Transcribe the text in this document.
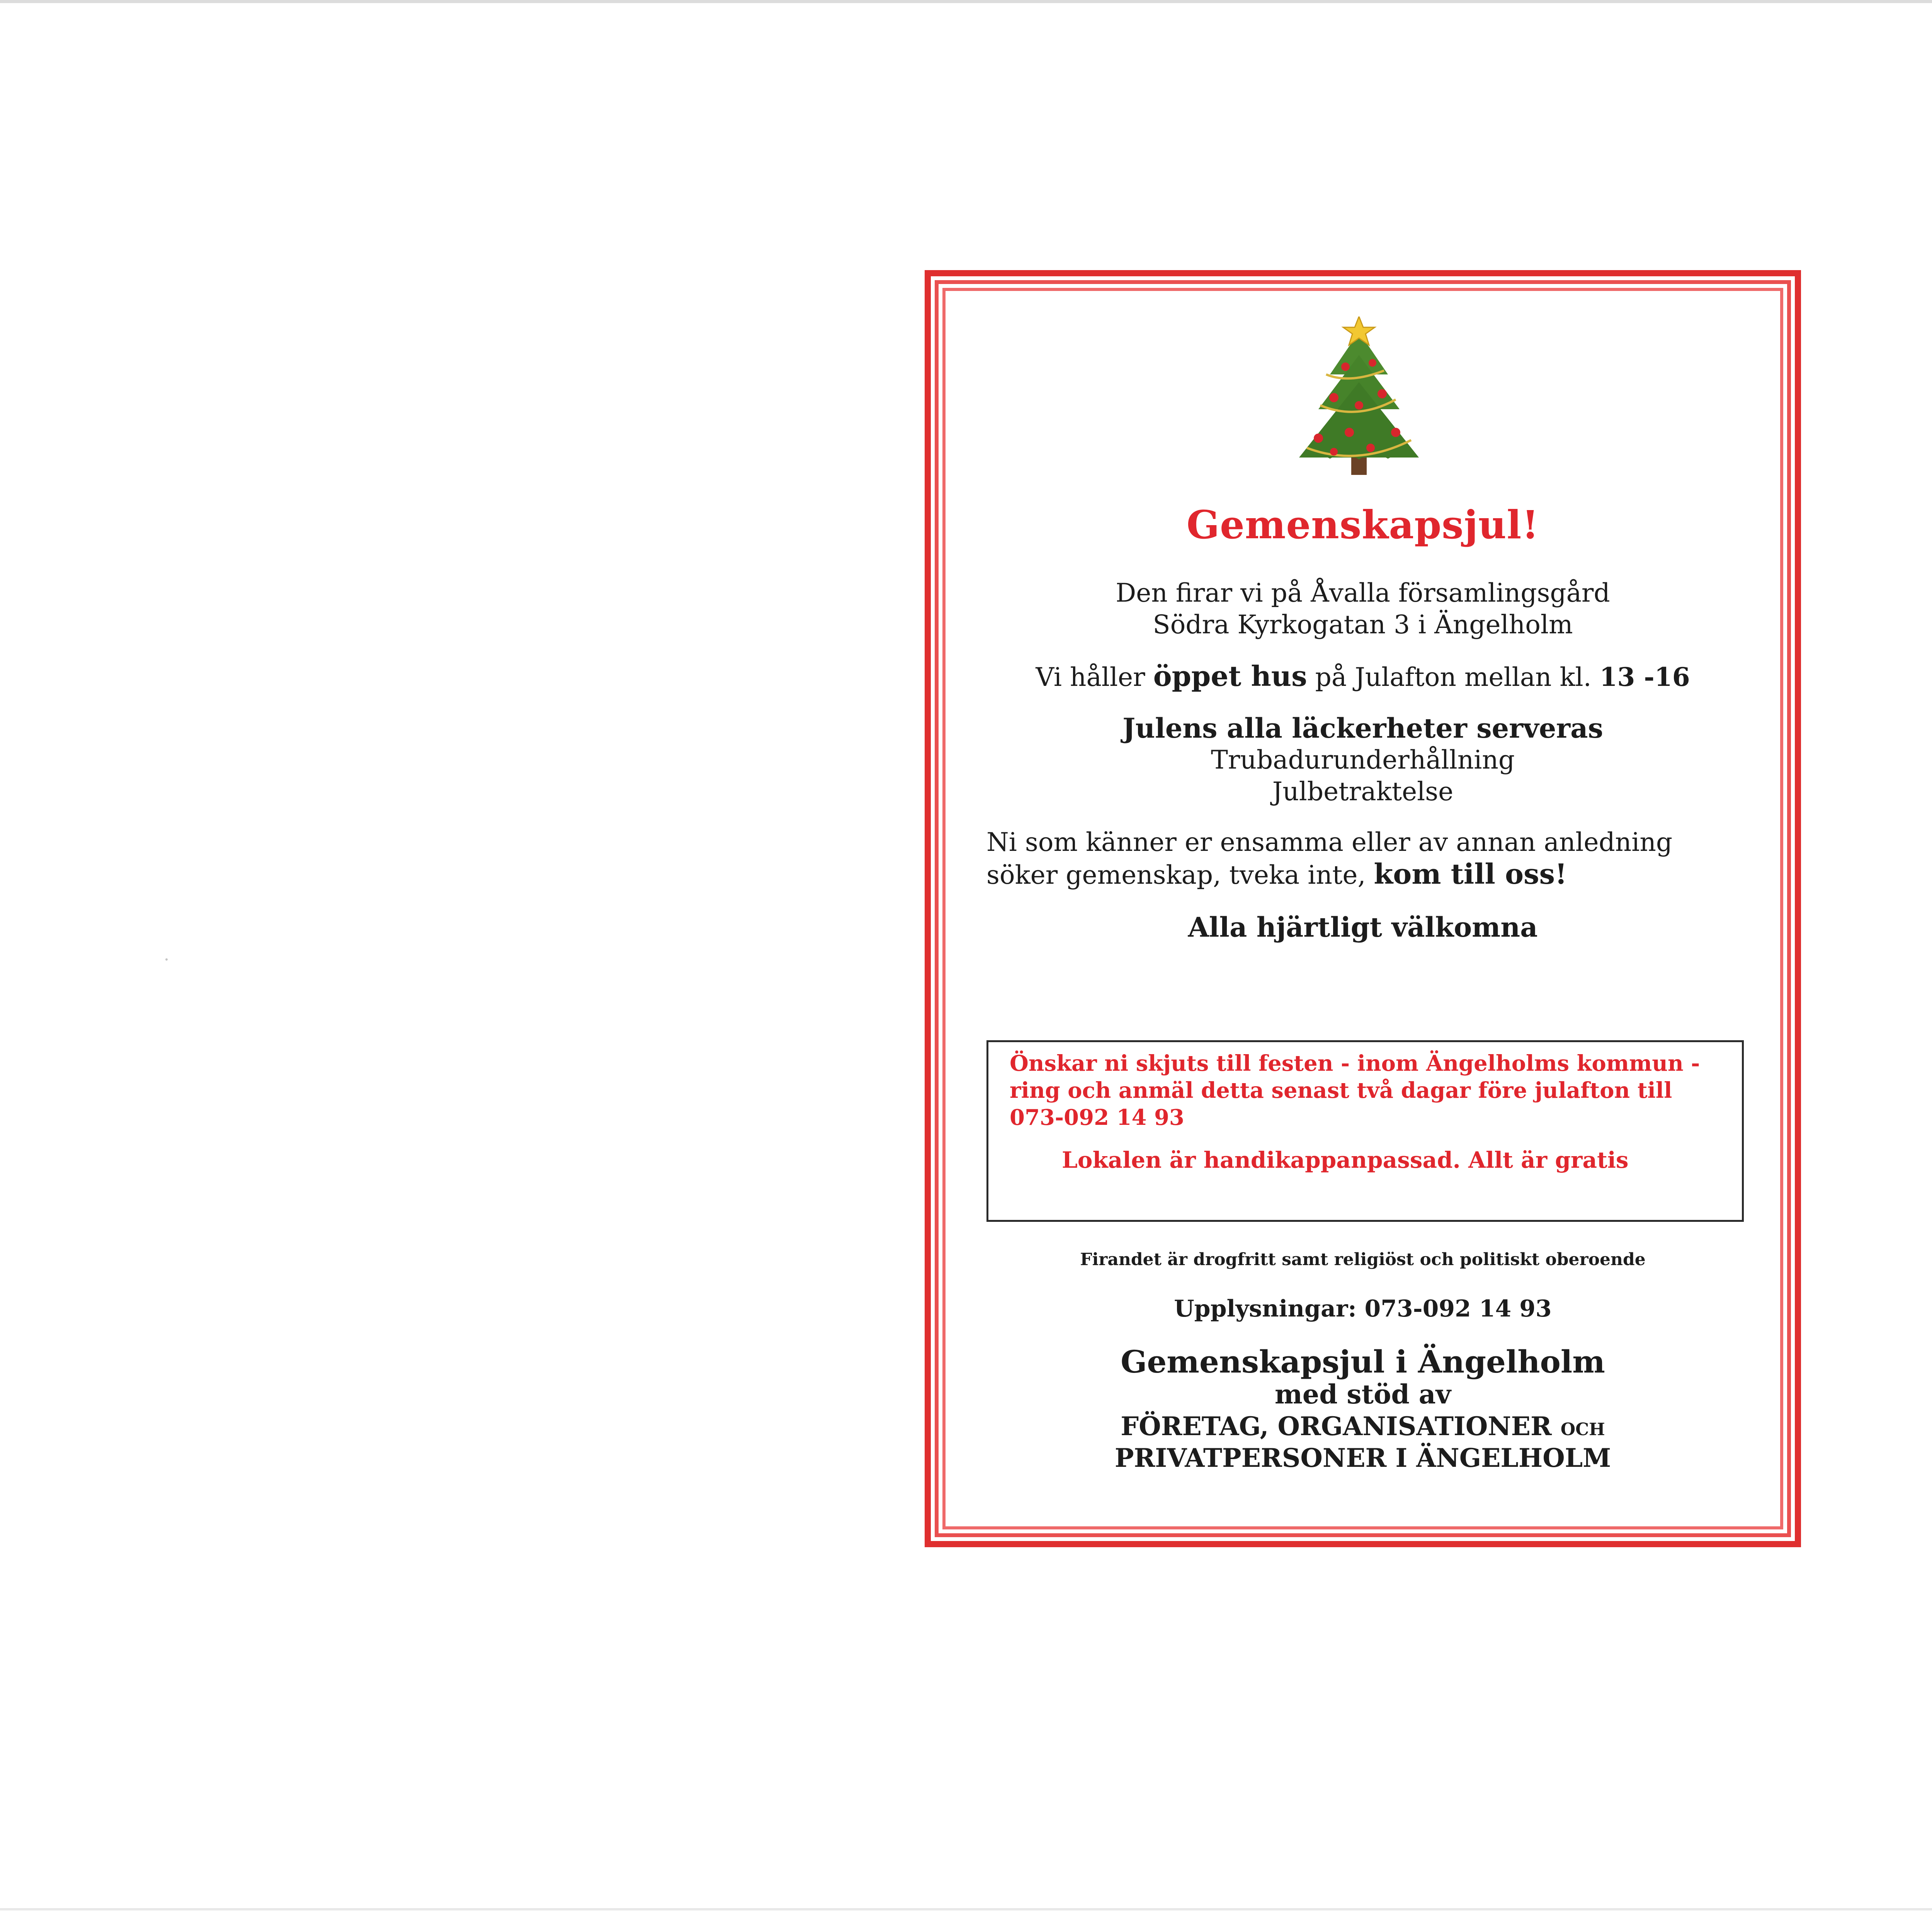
Gemenskapsjul!
Den firar vi på Åvalla församlingsgård
Södra Kyrkogatan 3 i Ängelholm
Vi håller öppet hus på Julafton mellan kl. 13 -16
Julens alla läckerheter serveras
Trubadurunderhållning
Julbetraktelse
Ni som känner er ensamma eller av annan anledning söker gemenskap, tveka inte, kom till oss!
Alla hjärtligt välkomna
Önskar ni skjuts till festen - inom Ängelholms kommun - ring och anmäl detta senast två dagar före julafton till 073-092 14 93
Lokalen är handikappanpassad. Allt är gratis
Firandet är drogfritt samt religiöst och politiskt oberoende
Upplysningar: 073-092 14 93
Gemenskapsjul i Ängelholm
med stöd av
FÖRETAG, ORGANISATIONER OCH
PRIVATPERSONER I ÄNGELHOLM
